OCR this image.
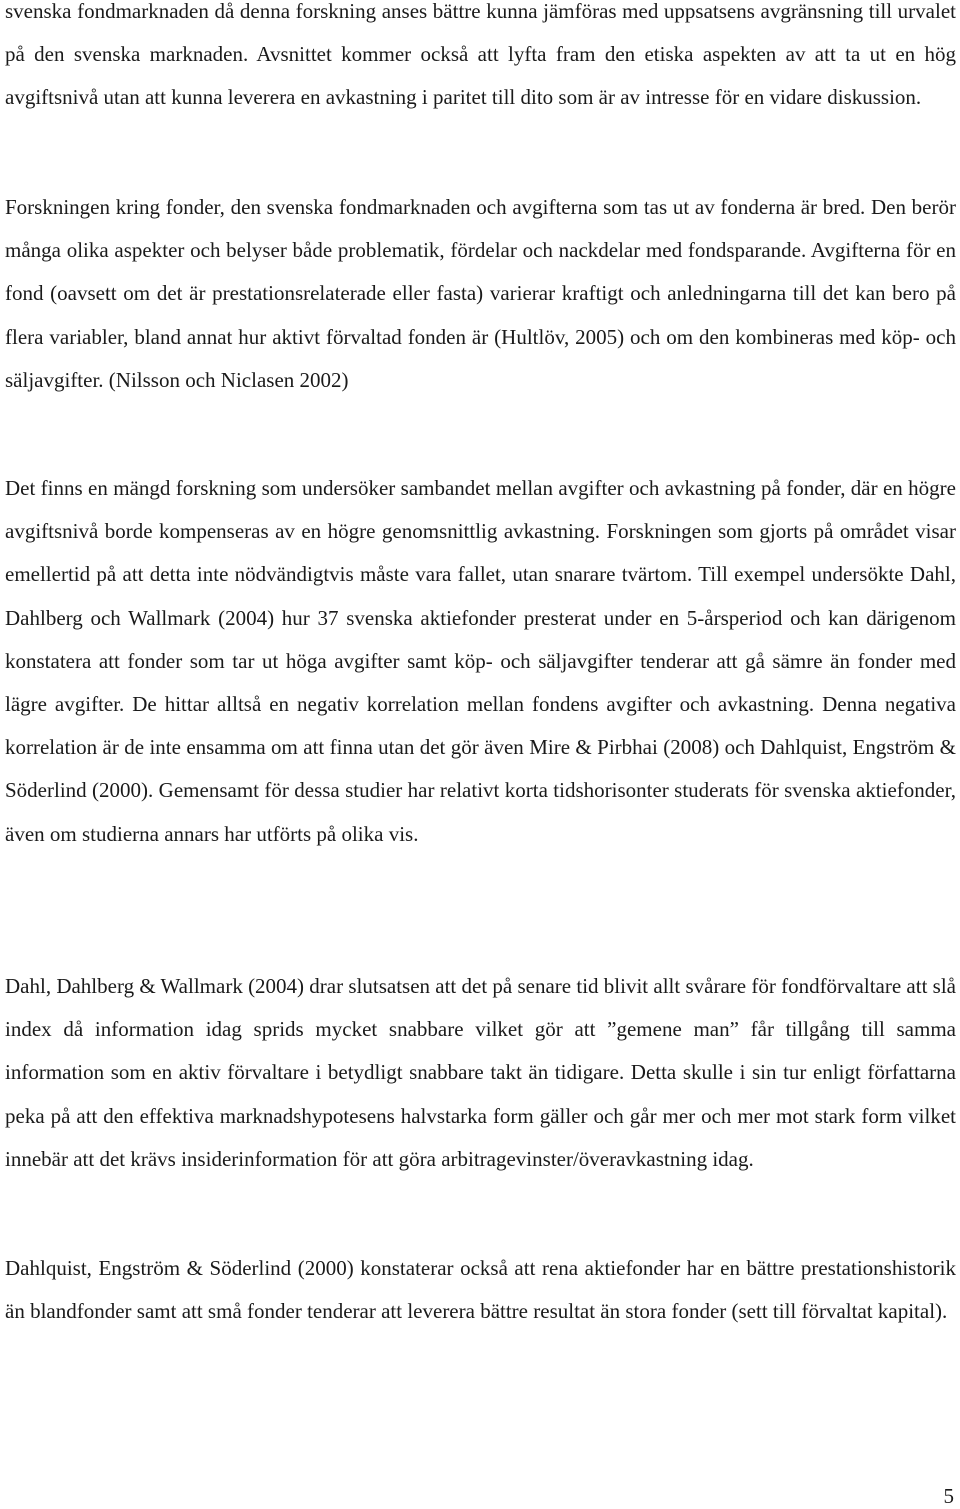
svenska fondmarknaden då denna forskning anses bättre kunna jämföras med uppsatsens avgränsning till urvalet på den svenska marknaden. Avsnittet kommer också att lyfta fram den etiska aspekten av att ta ut en hög avgiftsnivå utan att kunna leverera en avkastning i paritet till dito som är av intresse för en vidare diskussion.

Forskningen kring fonder, den svenska fondmarknaden och avgifterna som tas ut av fonderna är bred. Den berör många olika aspekter och belyser både problematik, fördelar och nackdelar med fondsparande. Avgifterna för en fond (oavsett om det är prestationsrelaterade eller fasta) varierar kraftigt och anledningarna till det kan bero på flera variabler, bland annat hur aktivt förvaltad fonden är (Hultlöv, 2005) och om den kombineras med köp- och säljavgifter. (Nilsson och Niclasen 2002)

Det finns en mängd forskning som undersöker sambandet mellan avgifter och avkastning på fonder, där en högre avgiftsnivå borde kompenseras av en högre genomsnittlig avkastning. Forskningen som gjorts på området visar emellertid på att detta inte nödvändigtvis måste vara fallet, utan snarare tvärtom. Till exempel undersökte Dahl, Dahlberg och Wallmark (2004) hur 37 svenska aktiefonder presterat under en 5-årsperiod och kan därigenom konstatera att fonder som tar ut höga avgifter samt köp- och säljavgifter tenderar att gå sämre än fonder med lägre avgifter. De hittar alltså en negativ korrelation mellan fondens avgifter och avkastning. Denna negativa korrelation är de inte ensamma om att finna utan det gör även Mire & Pirbhai (2008) och Dahlquist, Engström & Söderlind (2000). Gemensamt för dessa studier har relativt korta tidshorisonter studerats för svenska aktiefonder, även om studierna annars har utförts på olika vis.

Dahl, Dahlberg & Wallmark (2004) drar slutsatsen att det på senare tid blivit allt svårare för fondförvaltare att slå index då information idag sprids mycket snabbare vilket gör att ”gemene man” får tillgång till samma information som en aktiv förvaltare i betydligt snabbare takt än tidigare. Detta skulle i sin tur enligt författarna peka på att den effektiva marknadshypotesens halvstarka form gäller och går mer och mer mot stark form vilket innebär att det krävs insiderinformation för att göra arbitragevinster/överavkastning idag.

Dahlquist, Engström & Söderlind (2000) konstaterar också att rena aktiefonder har en bättre prestationshistorik än blandfonder samt att små fonder tenderar att leverera bättre resultat än stora fonder (sett till förvaltat kapital).

5
